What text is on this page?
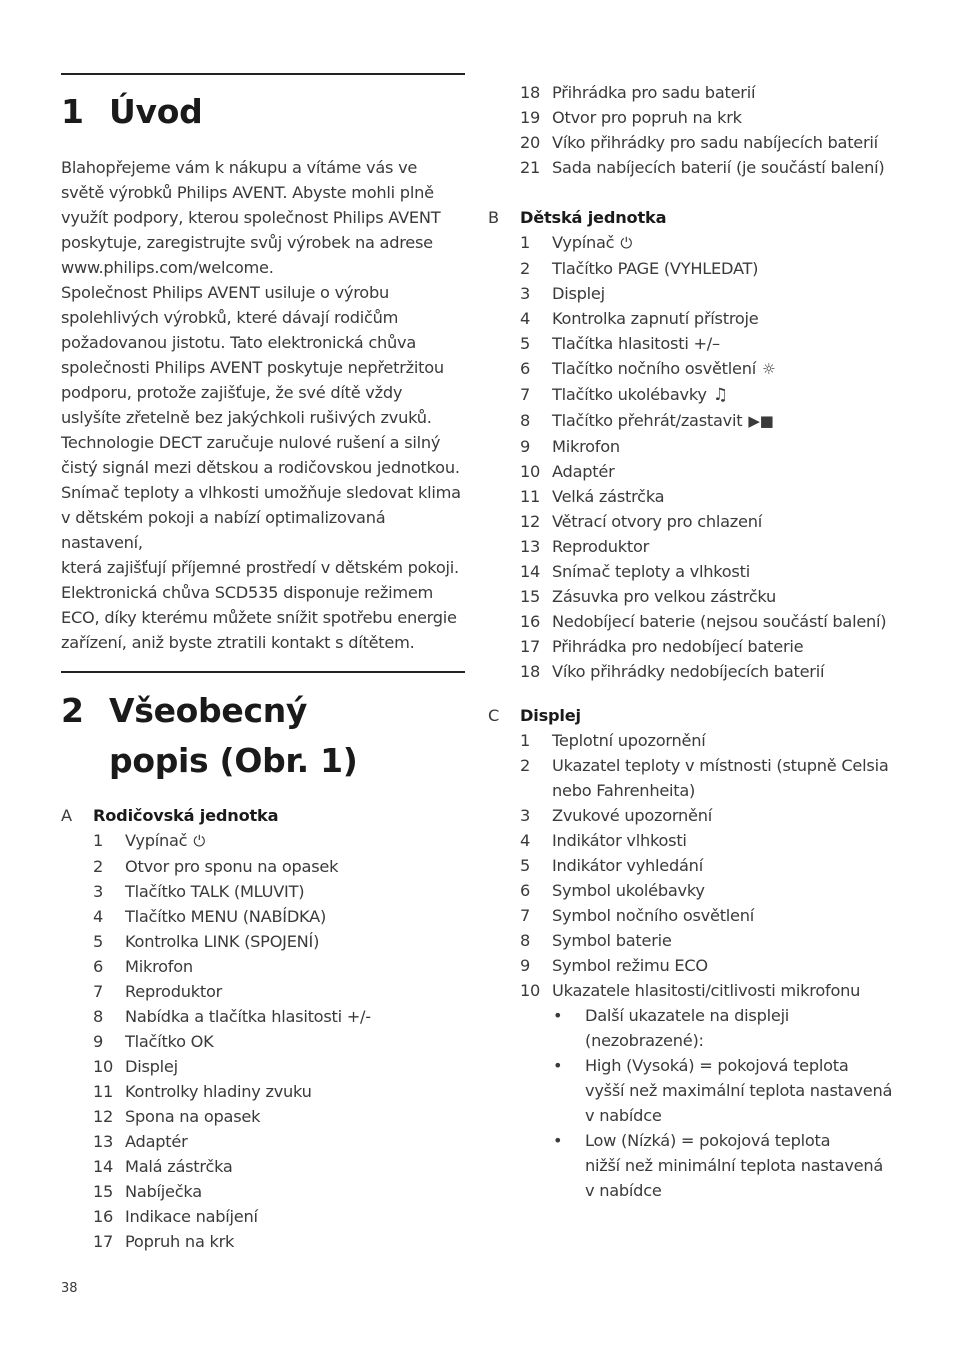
1 Úvod

Blahopřejeme vám k nákupu a vítáme vás ve
světě výrobků Philips AVENT. Abyste mohli plně
využít podpory, kterou společnost Philips AVENT
poskytuje, zaregistrujte svůj výrobek na adrese
www.philips.com/welcome.
Společnost Philips AVENT usiluje o výrobu
spolehlivých výrobků, které dávají rodičům
požadovanou jistotu. Tato elektronická chůva
společnosti Philips AVENT poskytuje nepřetržitou
podporu, protože zajišťuje, že své dítě vždy
uslyšíte zřetelně bez jakýchkoli rušivých zvuků.
Technologie DECT zaručuje nulové rušení a silný
čistý signál mezi dětskou a rodičovskou jednotkou.
Snímač teploty a vlhkosti umožňuje sledovat klima
v dětském pokoji a nabízí optimalizovaná nastavení,
která zajišťují příjemné prostředí v dětském pokoji.
Elektronická chůva SCD535 disponuje režimem
ECO, díky kterému můžete snížit spotřebu energie
zařízení, aniž byste ztratili kontakt s dítětem.

2 Všeobecný
popis (Obr. 1)
A Rodičovská jednotka
1 Vypínač ⏻
2 Otvor pro sponu na opasek
3 Tlačítko TALK (MLUVIT)
4 Tlačítko MENU (NABÍDKA)
5 Kontrolka LINK (SPOJENÍ)
6 Mikrofon
7 Reproduktor
8 Nabídka a tlačítka hlasitosti +/-
9 Tlačítko OK
10 Displej
11 Kontrolky hladiny zvuku
12 Spona na opasek
13 Adaptér
14 Malá zástrčka
15 Nabíječka
16 Indikace nabíjení
17 Popruh na krk
38
18 Přihrádka pro sadu baterií
19 Otvor pro popruh na krk
20 Víko přihrádky pro sadu nabíjecích baterií
21 Sada nabíjecích baterií (je součástí balení)
B Dětská jednotka
1 Vypínač ⏻
2 Tlačítko PAGE (VYHLEDAT)
3 Displej
4 Kontrolka zapnutí přístroje
5 Tlačítka hlasitosti +/–
6 Tlačítko nočního osvětlení ☼
7 Tlačítko ukolébavky ♫
8 Tlačítko přehrát/zastavit ▶■
9 Mikrofon
10 Adaptér
11 Velká zástrčka
12 Větrací otvory pro chlazení
13 Reproduktor
14 Snímač teploty a vlhkosti
15 Zásuvka pro velkou zástrčku
16 Nedobíjecí baterie (nejsou součástí balení)
17 Přihrádka pro nedobíjecí baterie
18 Víko přihrádky nedobíjecích baterií
C Displej
1 Teplotní upozornění
2 Ukazatel teploty v místnosti (stupně Celsia
nebo Fahrenheita)
3 Zvukové upozornění
4 Indikátor vlhkosti
5 Indikátor vyhledání
6 Symbol ukolébavky
7 Symbol nočního osvětlení
8 Symbol baterie
9 Symbol režimu ECO
10 Ukazatele hlasitosti/citlivosti mikrofonu
• Další ukazatele na displeji
(nezobrazené):
• High (Vysoká) = pokojová teplota
vyšší než maximální teplota nastavená
v nabídce
• Low (Nízká) = pokojová teplota
nižší než minimální teplota nastavená
v nabídce
